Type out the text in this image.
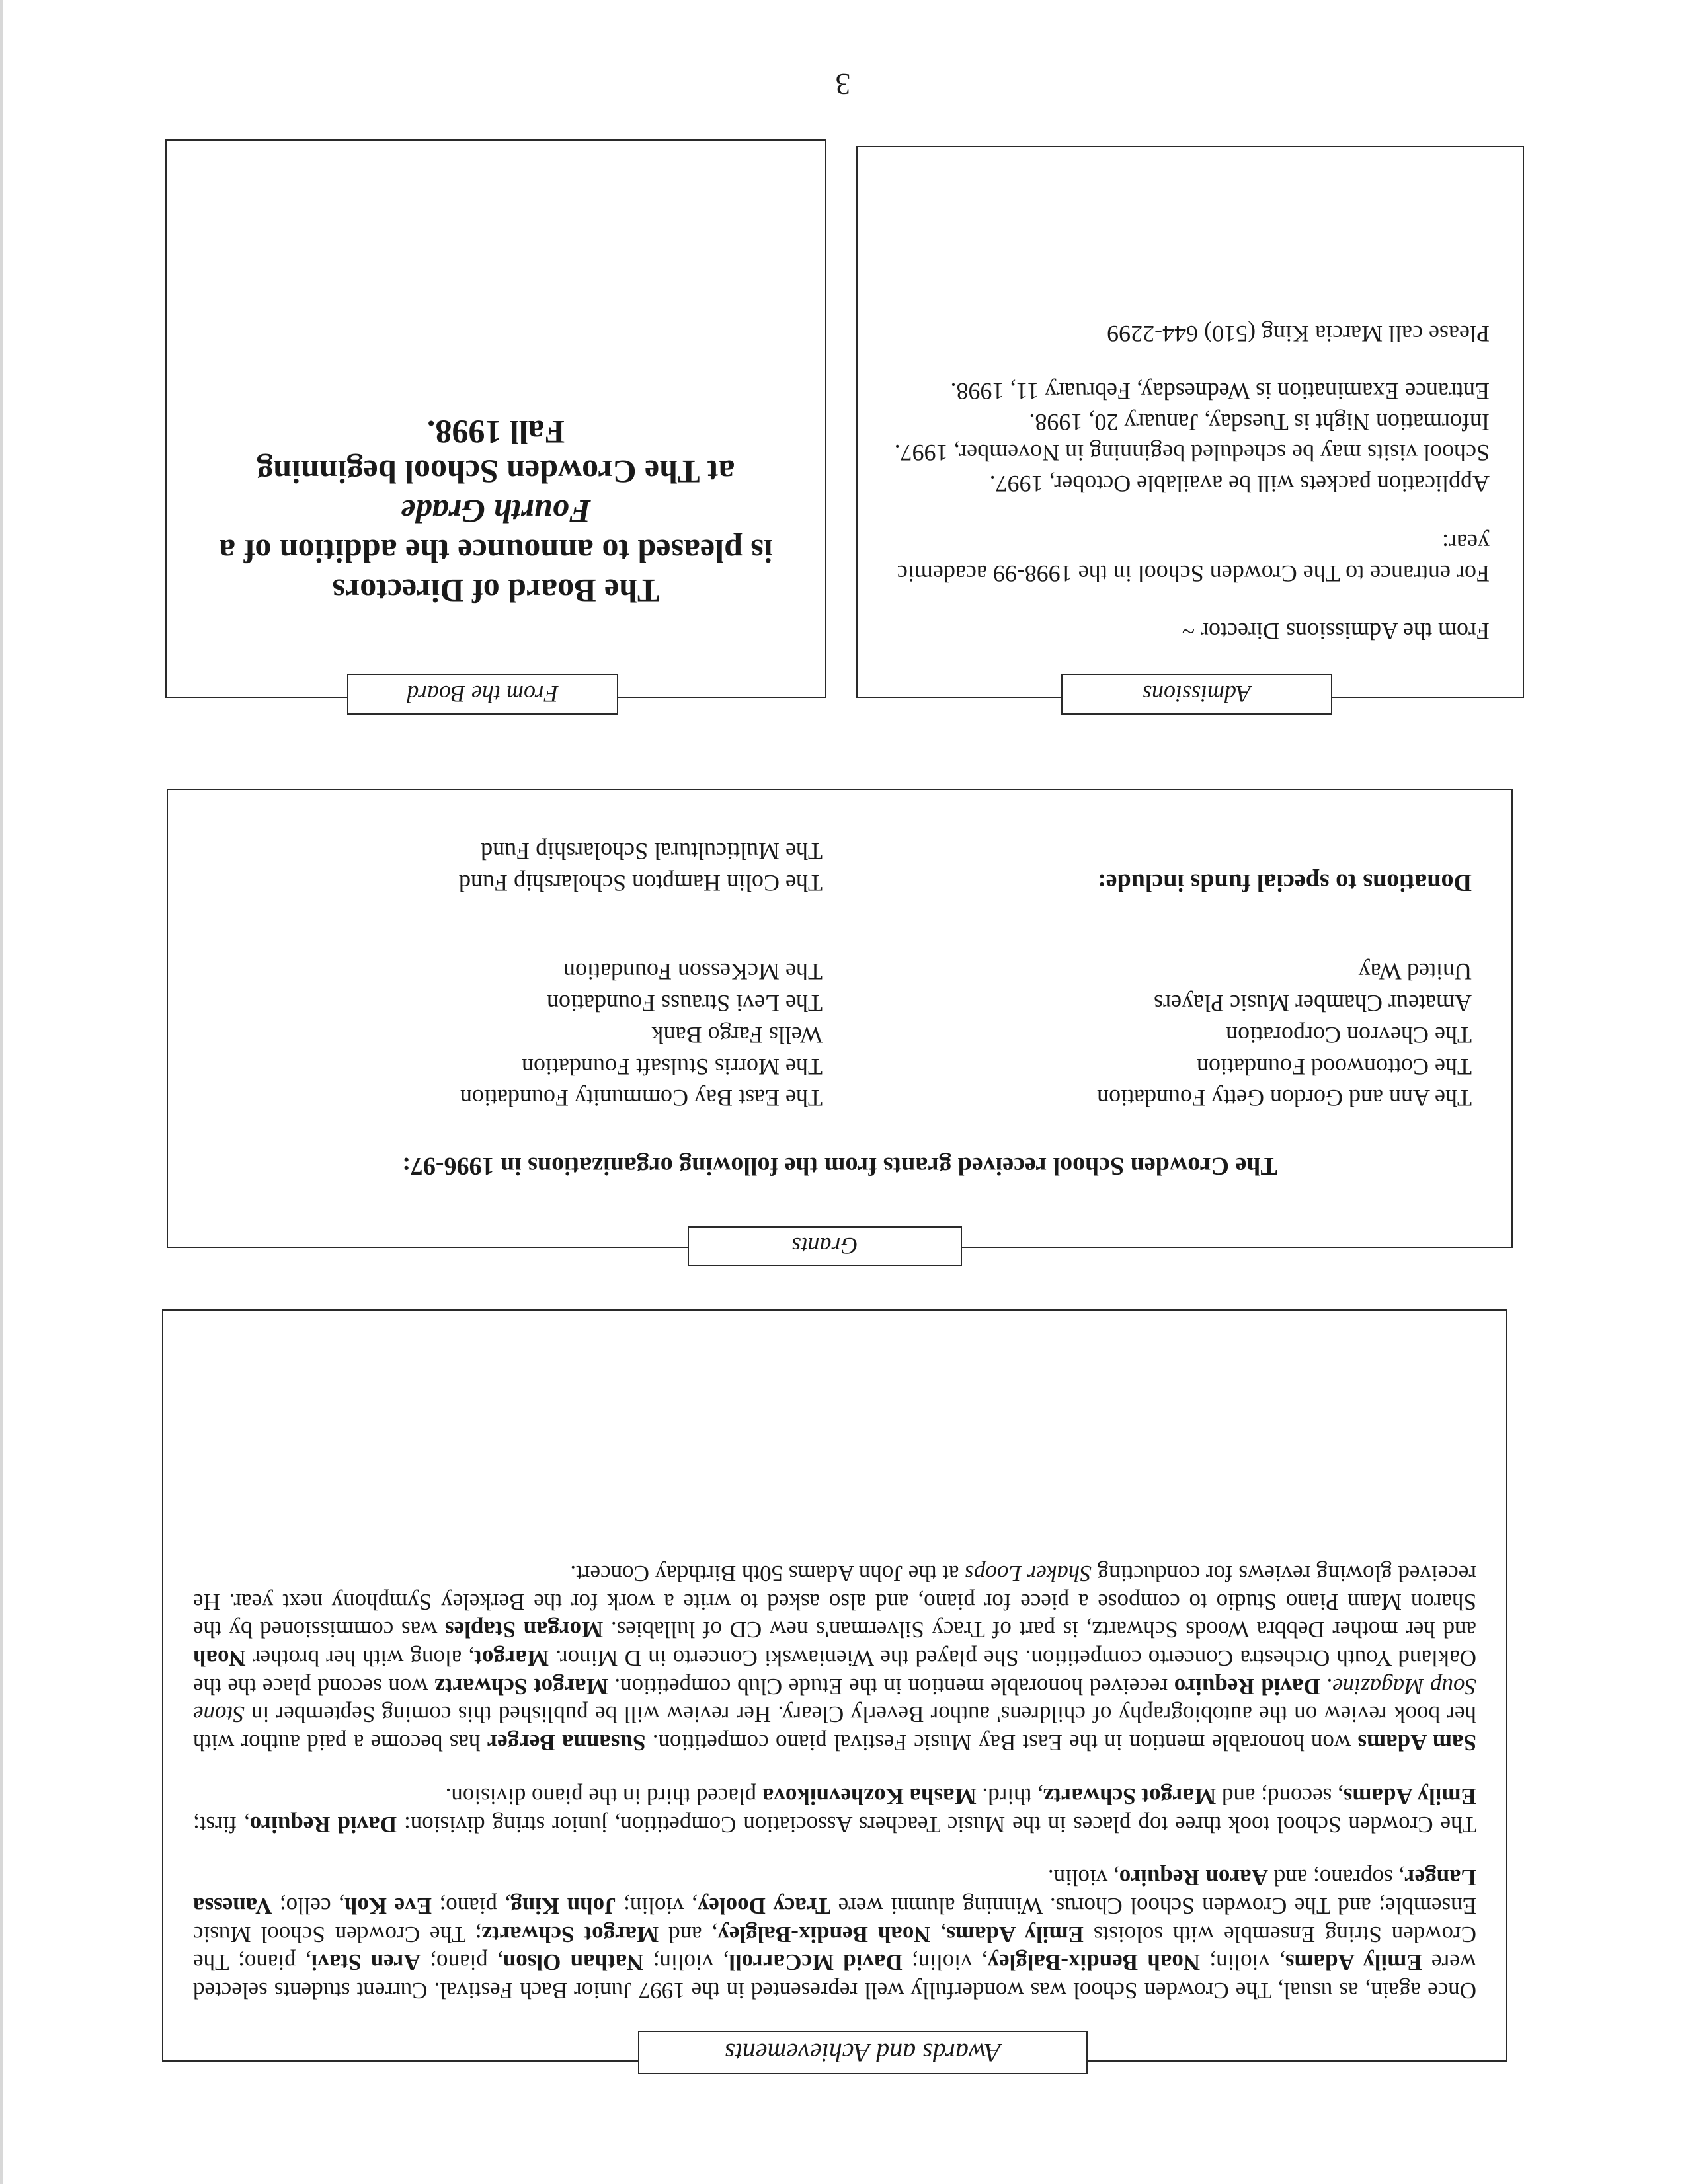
3

From the Admissions Director ~

For entrance to The Crowden School in the 1998-99 academic year:

Application packets will be available October, 1997.

School visits may be scheduled beginning in November, 1997.

Information Night is Tuesday, January 20, 1998.

Entrance Examination is Wednesday, February 11, 1998.

Please call Marcia King (510) 644-2299

Admissions

The Board of Directors

is pleased to announce the addition of a

Fourth Grade

at The Crowden School beginning

Fall 1998.

From the Board

The Crowden School received grants from the following organizations in 1996-97:

The Ann and Gordon Getty Foundation

The Cottonwood Foundation

The Chevron Corporation

Amateur Chamber Music Players

United Way

Donations to special funds include:

The East Bay Community Foundation

The Morris Stulsaft Foundation

Wells Fargo Bank

The Levi Strauss Foundation

The McKesson Foundation

The Colin Hampton Scholarship Fund

The Multicultural Scholarship Fund

Grants

Once again, as usual, The Crowden School was wonderfully well represented in the 1997 Junior Bach Festival. Current students selected were Emily Adams, violin; Noah Bendix-Balgley, violin; David McCarroll, violin; Nathan Olson, piano; Aren Stavi, piano; The Crowden String Ensemble with soloists Emily Adams, Noah Bendix-Balgley, and Margot Schwartz; The Crowden School Music Ensemble; and The Crowden School Chorus. Winning alumni were Tracy Dooley, violin; John King, piano; Eve Koh, cello; Vanessa Langer, soprano; and Aaron Requiro, violin.

The Crowden School took three top places in the Music Teachers Association Competition, junior string division: David Requiro, first; Emily Adams, second; and Margot Schwartz, third. Masha Kozhevnikova placed third in the piano division.

Sam Adams won honorable mention in the East Bay Music Festival piano competition. Susanna Berger has become a paid author with her book review on the autobiography of childrens' author Beverly Cleary. Her review will be published this coming September in Stone Soup Magazine. David Requiro received honorable mention in the Etude Club competition. Margot Schwartz won second place the the Oakland Youth Orchestra Concerto competition. She played the Wieniawski Concerto in D Minor. Margot, along with her brother Noah and her mother Debbra Woods Schwartz, is part of Tracy Silverman's new CD of lullabies. Morgan Staples was commissioned by the Sharon Mann Piano Studio to compose a piece for piano, and also asked to write a work for the Berkeley Symphony next year. He received glowing reviews for conducting Shaker Loops at the John Adams 50th Birthday Concert.

Awards and Achievements
